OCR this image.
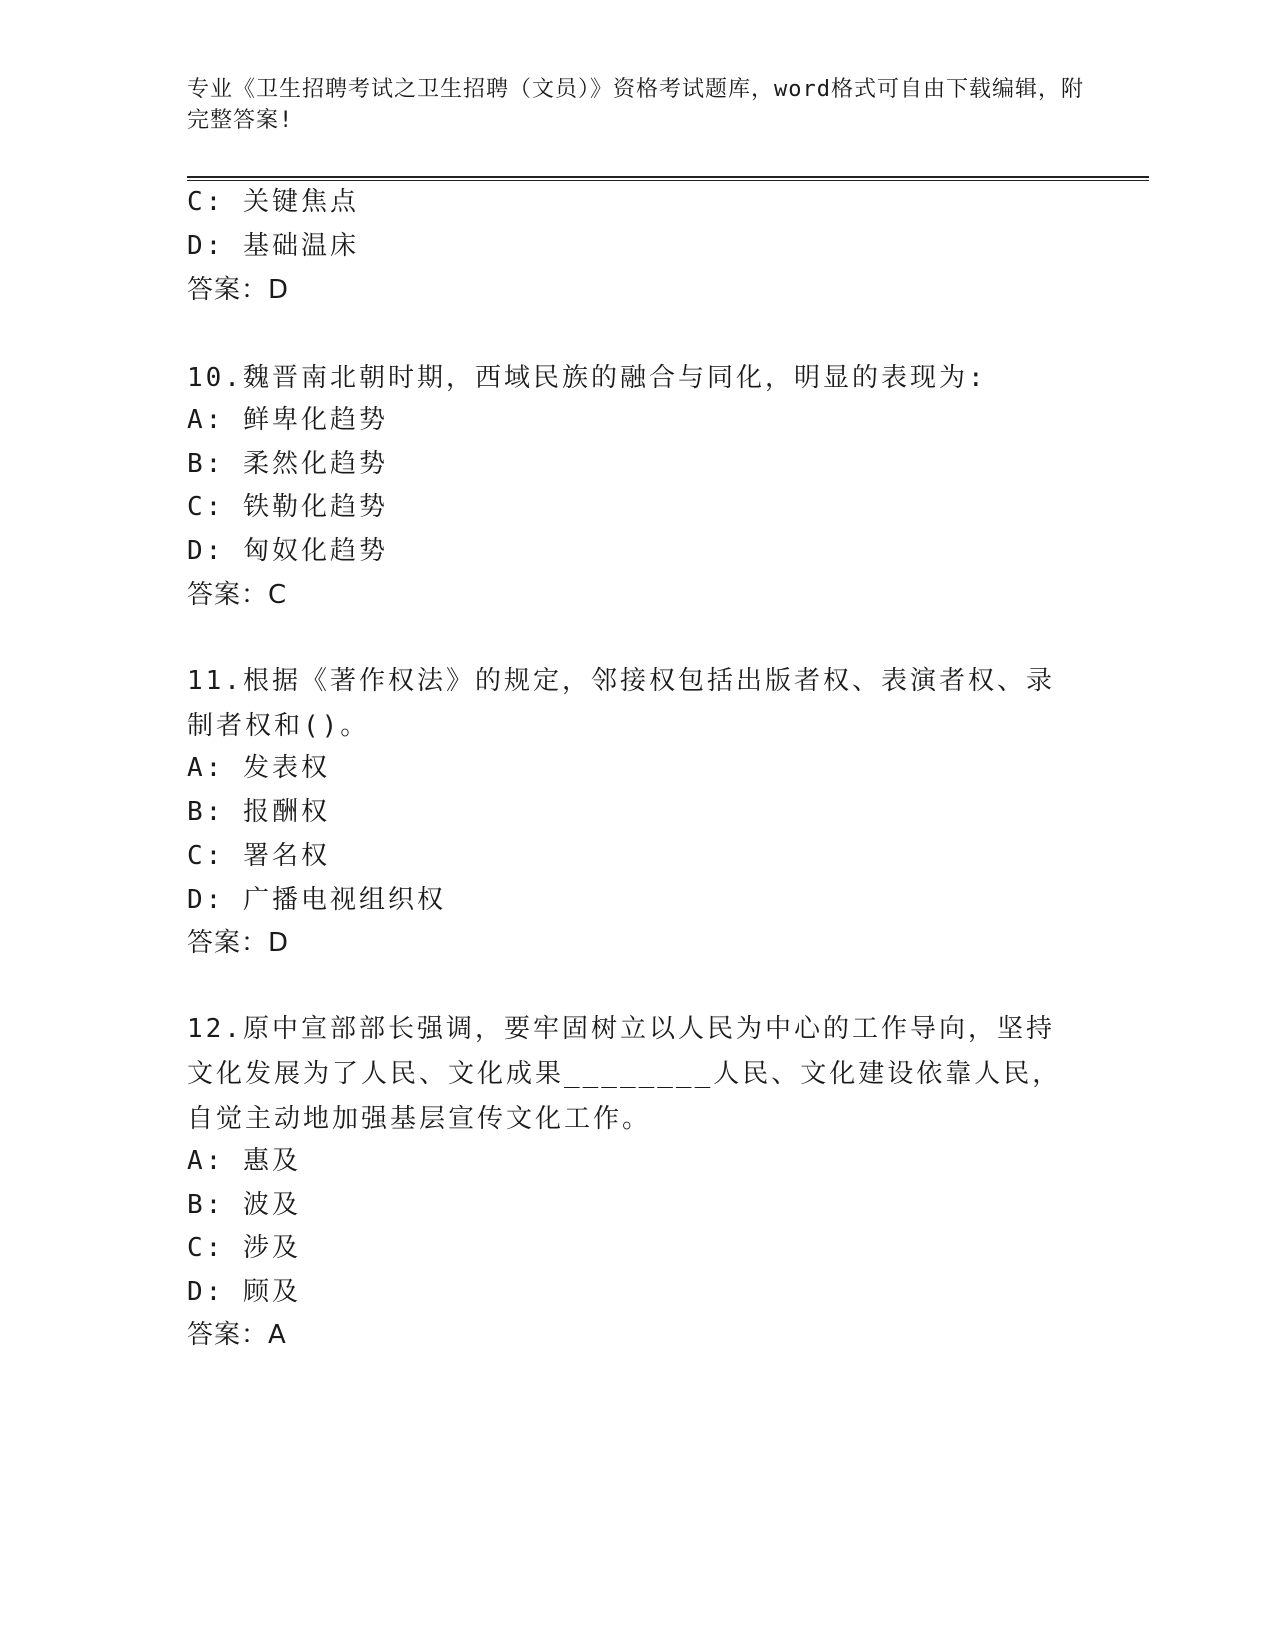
专业《卫生招聘考试之卫生招聘（文员）》资格考试题库，word格式可自由下载编辑，附完整答案!
C: 关键焦点
D: 基础温床
答案：D
10.魏晋南北朝时期，西域民族的融合与同化，明显的表现为:
A: 鲜卑化趋势
B: 柔然化趋势
C: 铁勒化趋势
D: 匈奴化趋势
答案：C
11.根据《著作权法》的规定，邻接权包括出版者权、表演者权、录制者权和()。
A: 发表权
B: 报酬权
C: 署名权
D: 广播电视组织权
答案：D
12.原中宣部部长强调，要牢固树立以人民为中心的工作导向，坚持文化发展为了人民、文化成果________人民、文化建设依靠人民，自觉主动地加强基层宣传文化工作。
A: 惠及
B: 波及
C: 涉及
D: 顾及
答案：A
